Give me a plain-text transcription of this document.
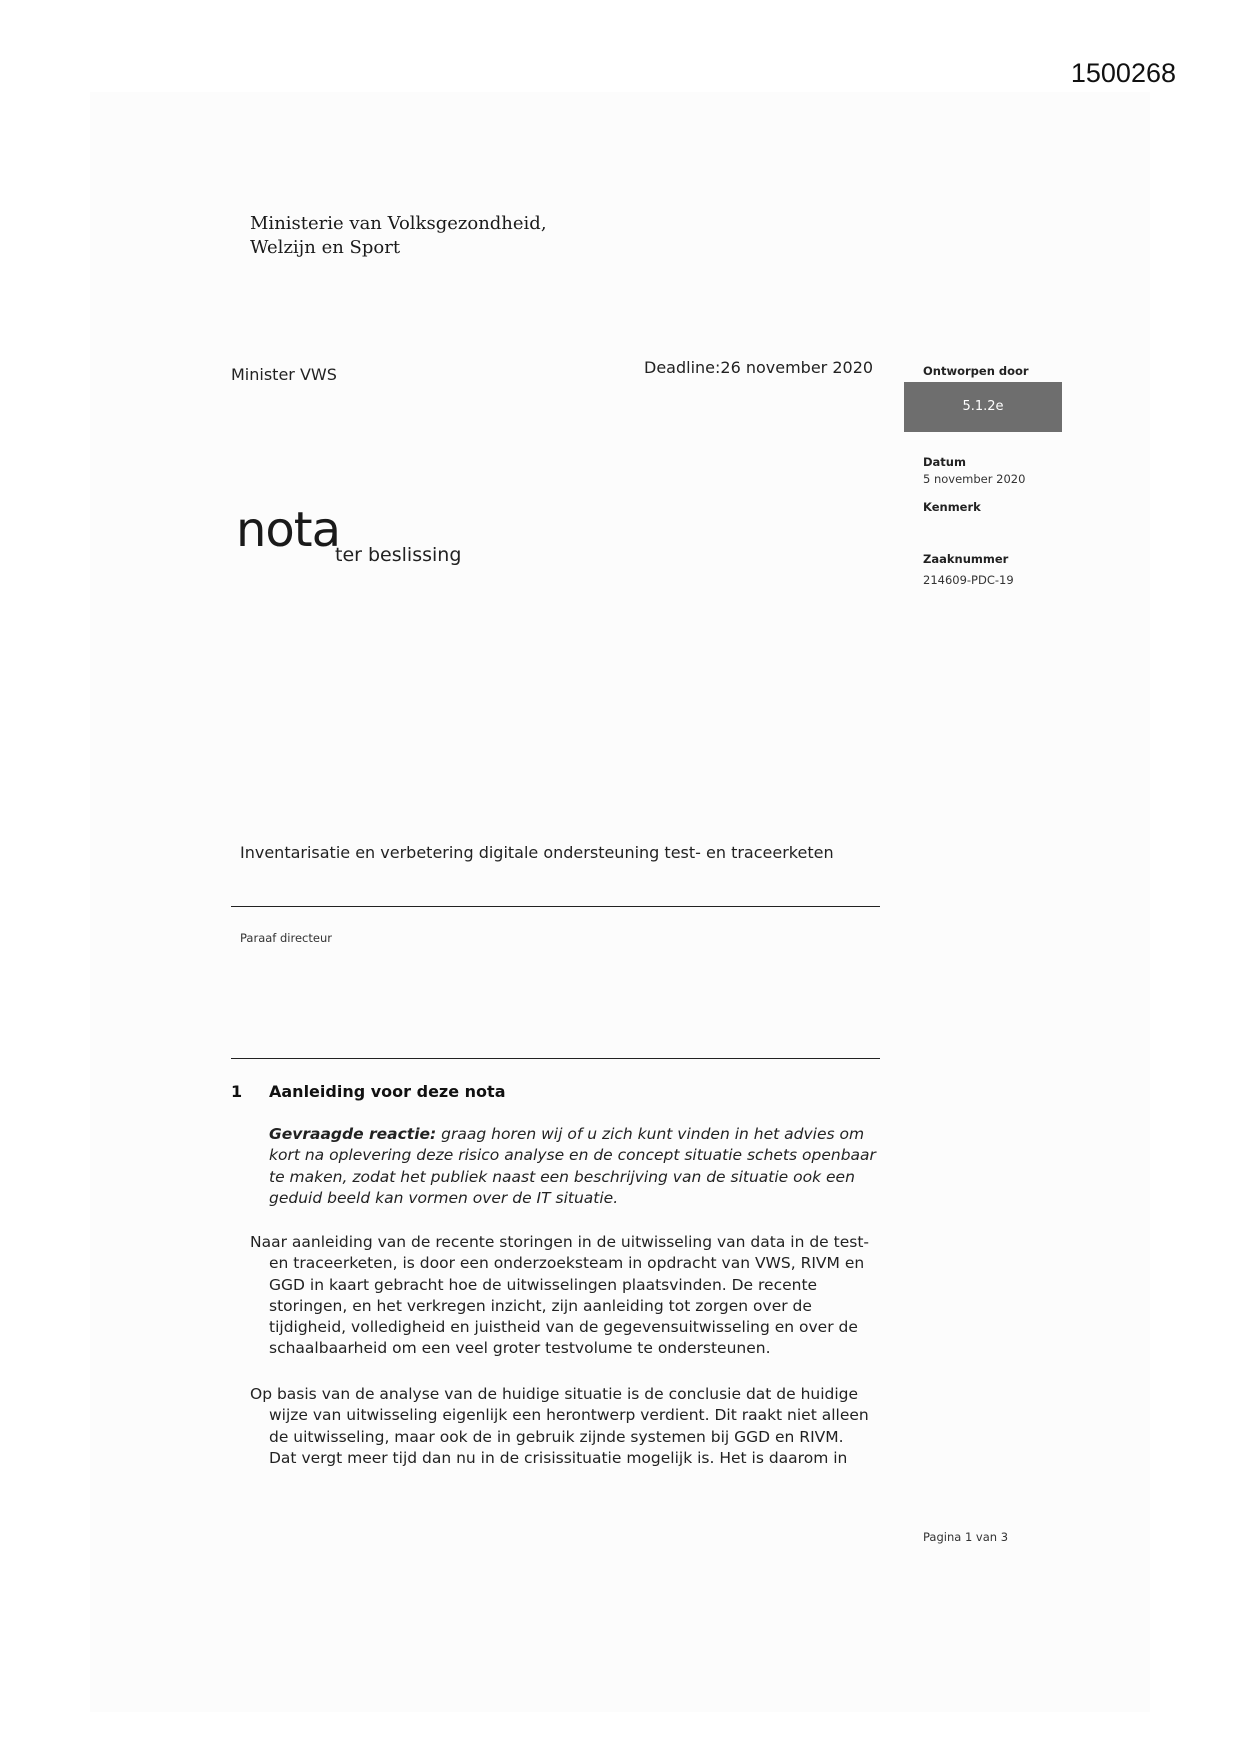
1500268
Ministerie van Volksgezondheid,
Welzijn en Sport
Minister VWS	Deadline:26 november 2020	Ontworpen door
5.1.2e
Datum
5 november 2020
Kenmerk
Zaaknummer
214609-PDC-19
nota
ter beslissing
Inventarisatie en verbetering digitale ondersteuning test- en traceerketen
Paraaf directeur
1 Aanleiding voor deze nota
Gevraagde reactie: graag horen wij of u zich kunt vinden in het advies om
kort na oplevering deze risico analyse en de concept situatie schets openbaar
te maken, zodat het publiek naast een beschrijving van de situatie ook een
geduid beeld kan vormen over de IT situatie.
Naar aanleiding van de recente storingen in de uitwisseling van data in de test-
en traceerketen, is door een onderzoeksteam in opdracht van VWS, RIVM en
GGD in kaart gebracht hoe de uitwisselingen plaatsvinden. De recente
storingen, en het verkregen inzicht, zijn aanleiding tot zorgen over de
tijdigheid, volledigheid en juistheid van de gegevensuitwisseling en over de
schaalbaarheid om een veel groter testvolume te ondersteunen.
Op basis van de analyse van de huidige situatie is de conclusie dat de huidige
wijze van uitwisseling eigenlijk een herontwerp verdient. Dit raakt niet alleen
de uitwisseling, maar ook de in gebruik zijnde systemen bij GGD en RIVM.
Dat vergt meer tijd dan nu in de crisissituatie mogelijk is. Het is daarom in
Pagina 1 van 3
